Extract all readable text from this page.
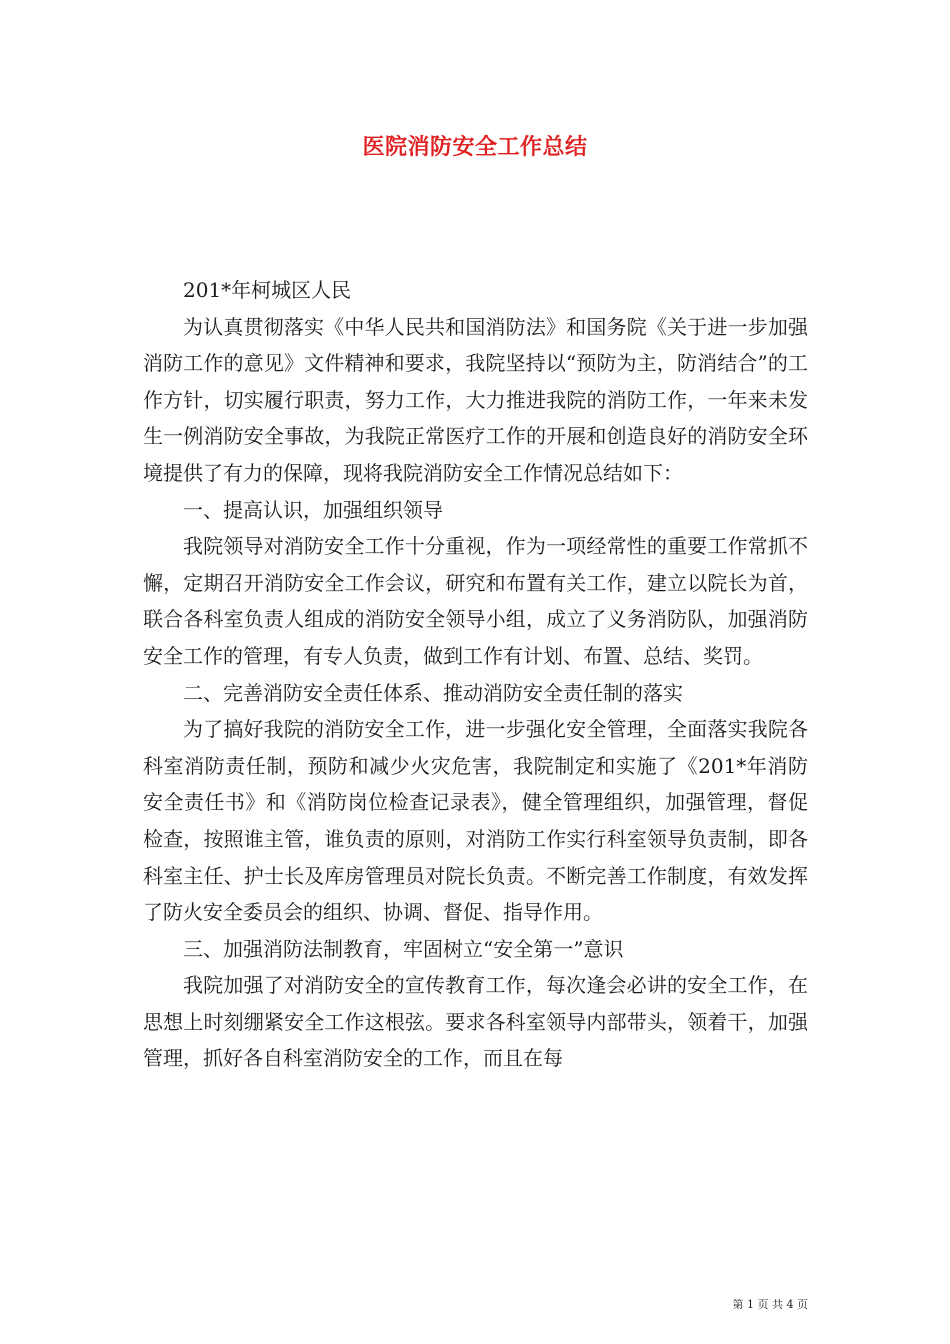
医院消防安全工作总结

201*年柯城区人民

为认真贯彻落实《中华人民共和国消防法》和国务院《关于进一步加强消防工作的意见》文件精神和要求，我院坚持以“预防为主，防消结合”的工作方针，切实履行职责，努力工作，大力推进我院的消防工作，一年来未发生一例消防安全事故，为我院正常医疗工作的开展和创造良好的消防安全环境提供了有力的保障，现将我院消防安全工作情况总结如下：

一、提高认识，加强组织领导

我院领导对消防安全工作十分重视，作为一项经常性的重要工作常抓不懈，定期召开消防安全工作会议，研究和布置有关工作，建立以院长为首，联合各科室负责人组成的消防安全领导小组，成立了义务消防队，加强消防安全工作的管理，有专人负责，做到工作有计划、布置、总结、奖罚。

二、完善消防安全责任体系、推动消防安全责任制的落实

为了搞好我院的消防安全工作，进一步强化安全管理，全面落实我院各科室消防责任制，预防和减少火灾危害，我院制定和实施了《201*年消防安全责任书》和《消防岗位检查记录表》，健全管理组织，加强管理，督促检查，按照谁主管，谁负责的原则，对消防工作实行科室领导负责制，即各科室主任、护士长及库房管理员对院长负责。不断完善工作制度，有效发挥了防火安全委员会的组织、协调、督促、指导作用。

三、加强消防法制教育，牢固树立“安全第一”意识

我院加强了对消防安全的宣传教育工作，每次逢会必讲的安全工作，在思想上时刻绷紧安全工作这根弦。要求各科室领导内部带头，领着干，加强管理，抓好各自科室消防安全的工作，而且在每

第 1 页 共 4 页
